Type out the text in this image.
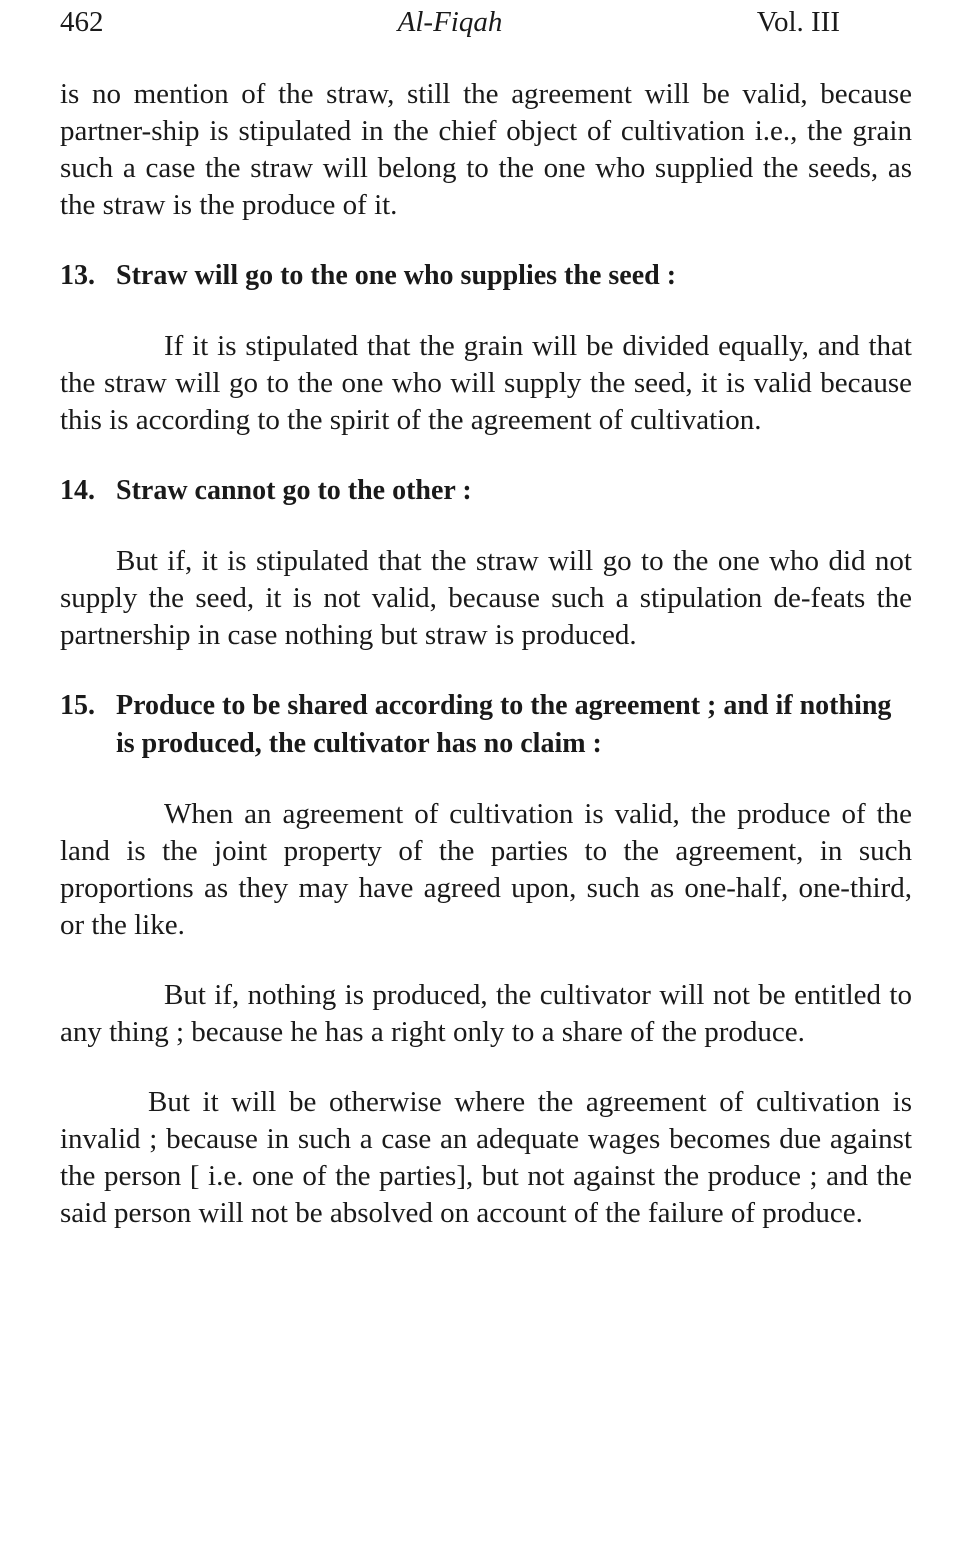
462	Al-Fiqah	Vol. III

is no mention of the straw, still the agreement will be valid, because partner-ship is stipulated in the chief object of cultivation i.e., the grain such a case the straw will belong to the one who supplied the seeds, as the straw is the produce of it.

13. Straw will go to the one who supplies the seed :

If it is stipulated that the grain will be divided equally, and that the straw will go to the one who will supply the seed, it is valid because this is according to the spirit of the agreement of cultivation.

14. Straw cannot go to the other :

But if, it is stipulated that the straw will go to the one who did not supply the seed, it is not valid, because such a stipulation de-feats the partnership in case nothing but straw is produced.

15. Produce to be shared according to the agreement ; and if nothing is produced, the cultivator has no claim :

When an agreement of cultivation is valid, the produce of the land is the joint property of the parties to the agreement, in such proportions as they may have agreed upon, such as one-half, one-third, or the like.

But if, nothing is produced, the cultivator will not be entitled to any thing ; because he has a right only to a share of the produce.

But it will be otherwise where the agreement of cultivation is invalid ; because in such a case an adequate wages becomes due against the person [ i.e. one of the parties], but not against the produce ; and the said person will not be absolved on account of the failure of produce.
